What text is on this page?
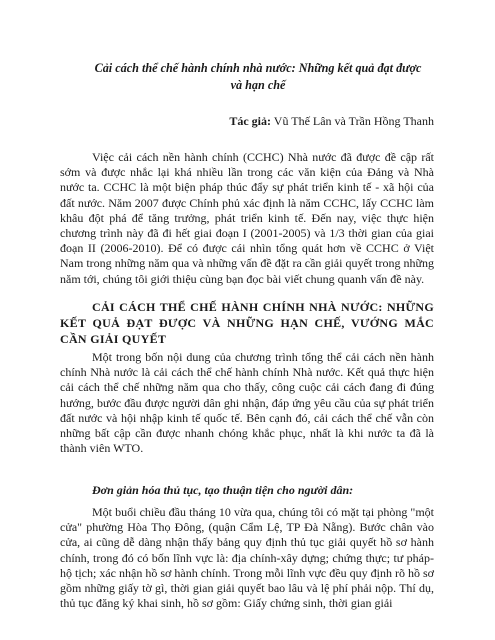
Cải cách thể chế hành chính nhà nước: Những kết quả đạt được và hạn chế

Tác giả: Vũ Thế Lân và Trần Hồng Thanh

Việc cải cách nền hành chính (CCHC) Nhà nước đã được đề cập rất sớm và được nhắc lại khá nhiều lần trong các văn kiện của Đảng và Nhà nước ta. CCHC là một biện pháp thúc đẩy sự phát triển kinh tế - xã hội của đất nước. Năm 2007 được Chính phủ xác định là năm CCHC, lấy CCHC làm khâu đột phá để tăng trưởng, phát triển kinh tế. Đến nay, việc thực hiện chương trình này đã đi hết giai đoạn I (2001-2005) và 1/3 thời gian của giai đoạn II (2006-2010). Để có được cái nhìn tổng quát hơn về CCHC ở Việt Nam trong những năm qua và những vấn đề đặt ra cần giải quyết trong những năm tới, chúng tôi giới thiệu cùng bạn đọc bài viết chung quanh vấn đề này.

CẢI CÁCH THỂ CHẾ HÀNH CHÍNH NHÀ NƯỚC: NHỮNG KẾT QUẢ ĐẠT ĐƯỢC VÀ NHỮNG HẠN CHẾ, VƯỚNG MẮC CẦN GIẢI QUYẾT

Một trong bốn nội dung của chương trình tổng thể cải cách nền hành chính Nhà nước là cải cách thể chế hành chính Nhà nước. Kết quả thực hiện cải cách thể chế những năm qua cho thấy, công cuộc cải cách đang đi đúng hướng, bước đầu được người dân ghi nhận, đáp ứng yêu cầu của sự phát triển đất nước và hội nhập kinh tế quốc tế. Bên cạnh đó, cải cách thể chế vẫn còn những bất cập cần được nhanh chóng khắc phục, nhất là khi nước ta đã là thành viên WTO.

Đơn giản hóa thủ tục, tạo thuận tiện cho người dân:

Một buổi chiều đầu tháng 10 vừa qua, chúng tôi có mặt tại phòng "một cửa" phường Hòa Thọ Đông, (quận Cẩm Lệ, TP Đà Nẵng). Bước chân vào cửa, ai cũng dễ dàng nhận thấy bảng quy định thủ tục giải quyết hồ sơ hành chính, trong đó có bốn lĩnh vực là: địa chính-xây dựng; chứng thực; tư pháp-hộ tịch; xác nhận hồ sơ hành chính. Trong mỗi lĩnh vực đều quy định rõ hồ sơ gồm những giấy tờ gì, thời gian giải quyết bao lâu và lệ phí phải nộp. Thí dụ, thủ tục đăng ký khai sinh, hồ sơ gồm: Giấy chứng sinh, thời gian giải
